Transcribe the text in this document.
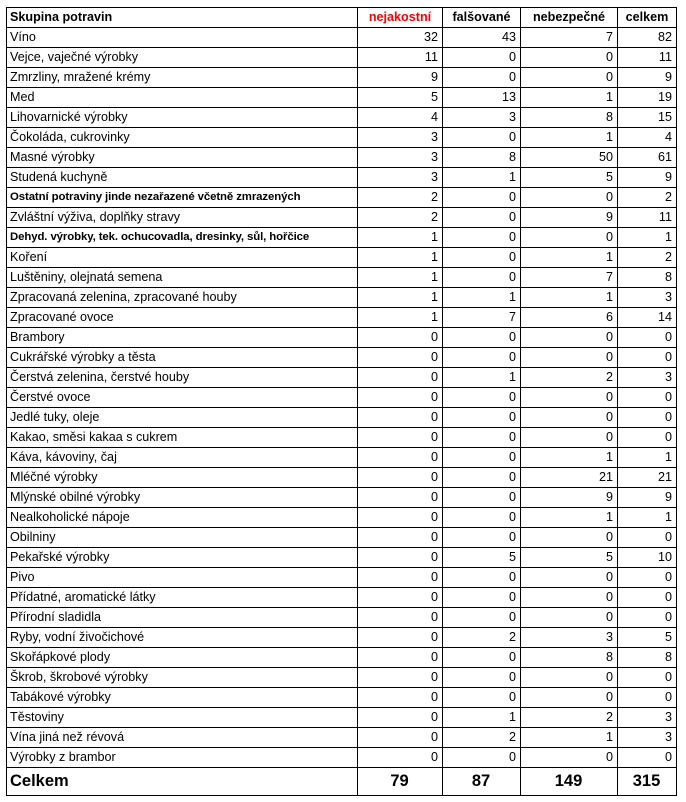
Skupina potravin	nejakostní	falšované	nebezpečné	celkem
Víno	32	43	7	82
Vejce, vaječné výrobky	11	0	0	11
Zmrzliny, mražené krémy	9	0	0	9
Med	5	13	1	19
Lihovarnické výrobky	4	3	8	15
Čokoláda, cukrovinky	3	0	1	4
Masné výrobky	3	8	50	61
Studená kuchyně	3	1	5	9
Ostatní potraviny jinde nezařazené včetně zmrazených	2	0	0	2
Zvláštní výživa, doplňky stravy	2	0	9	11
Dehyd. výrobky, tek. ochucovadla, dresinky, sůl, hořčice	1	0	0	1
Koření	1	0	1	2
Luštěniny, olejnatá semena	1	0	7	8
Zpracovaná zelenina, zpracované houby	1	1	1	3
Zpracované ovoce	1	7	6	14
Brambory	0	0	0	0
Cukrářské výrobky a těsta	0	0	0	0
Čerstvá zelenina, čerstvé houby	0	1	2	3
Čerstvé ovoce	0	0	0	0
Jedlé tuky, oleje	0	0	0	0
Kakao, směsi kakaa s cukrem	0	0	0	0
Káva, kávoviny, čaj	0	0	1	1
Mléčné výrobky	0	0	21	21
Mlýnské obilné výrobky	0	0	9	9
Nealkoholické nápoje	0	0	1	1
Obilniny	0	0	0	0
Pekařské výrobky	0	5	5	10
Pivo	0	0	0	0
Přídatné, aromatické látky	0	0	0	0
Přírodní sladidla	0	0	0	0
Ryby, vodní živočichové	0	2	3	5
Skořápkové plody	0	0	8	8
Škrob, škrobové výrobky	0	0	0	0
Tabákové výrobky	0	0	0	0
Těstoviny	0	1	2	3
Vína jiná než révová	0	2	1	3
Výrobky z brambor	0	0	0	0
Celkem	79	87	149	315
